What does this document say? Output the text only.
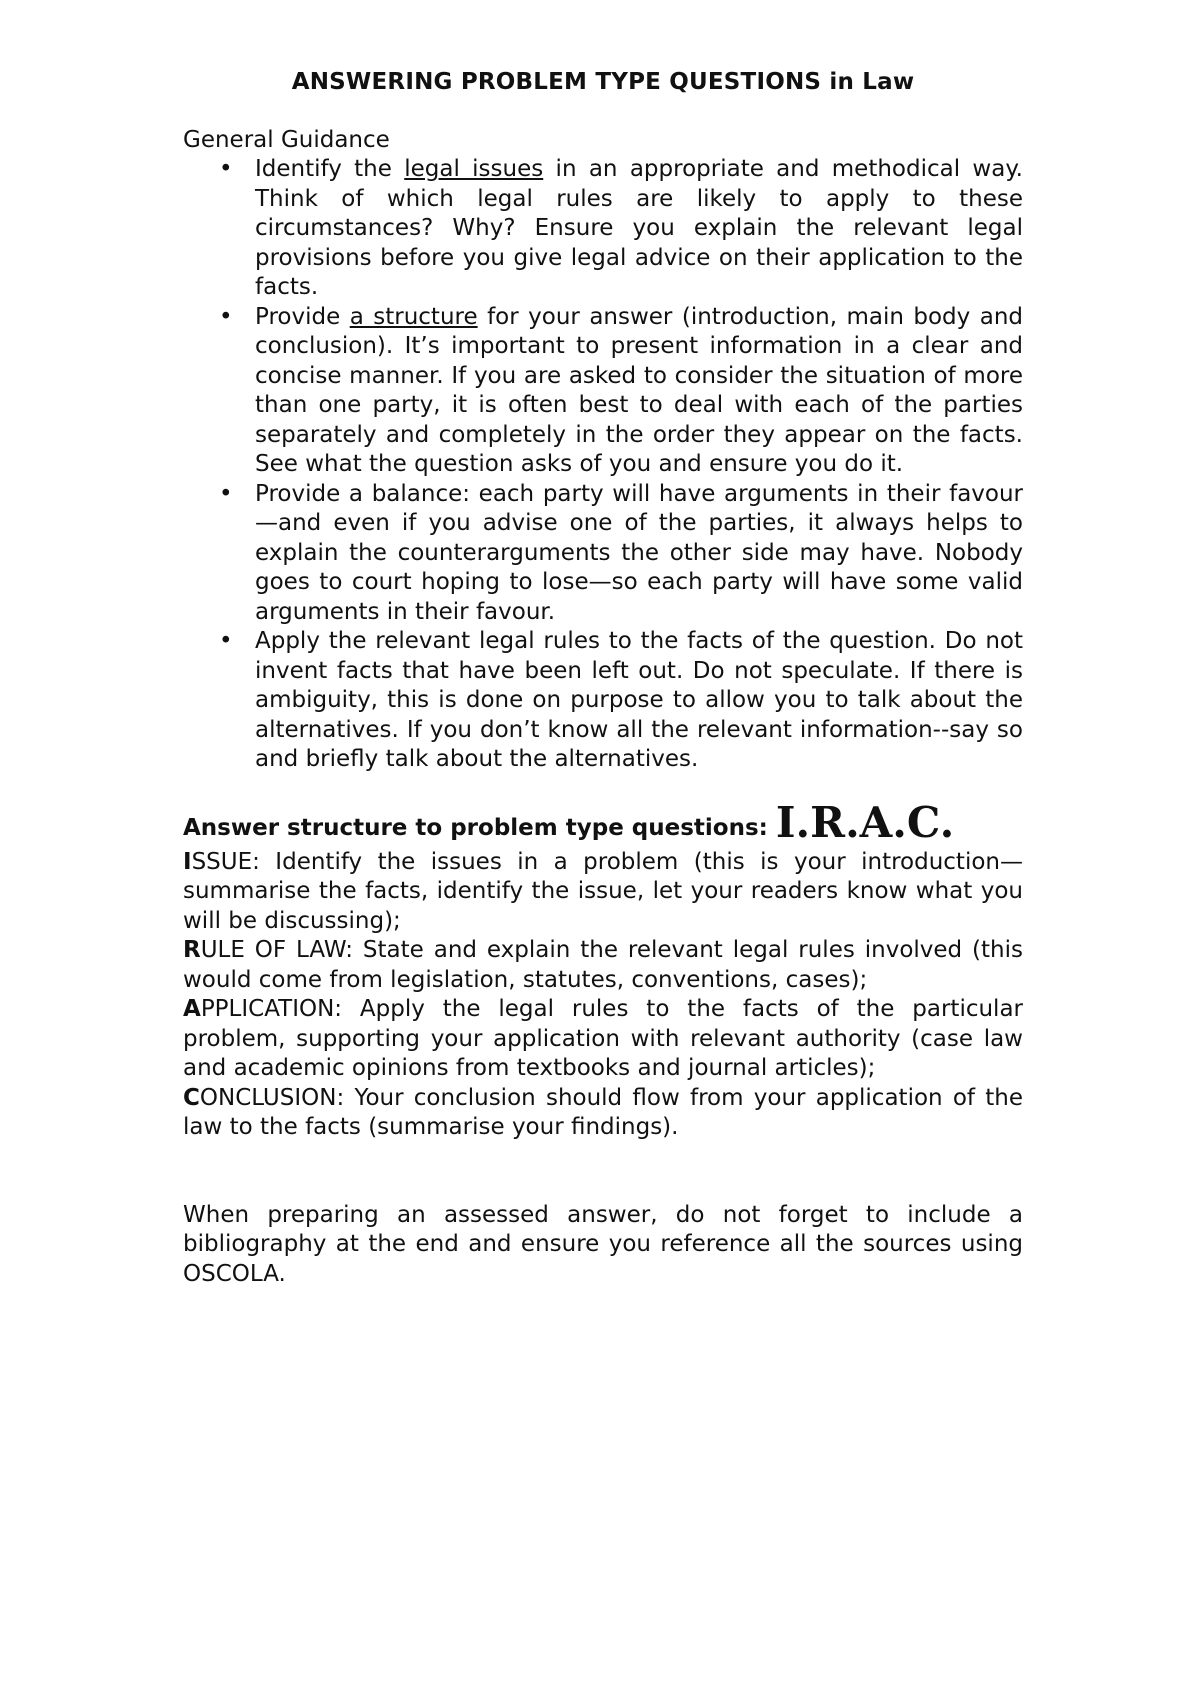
ANSWERING PROBLEM TYPE QUESTIONS in Law
General Guidance
• Identify the legal issues in an appropriate and methodical way. Think of which legal rules are likely to apply to these circumstances? Why? Ensure you explain the relevant legal provisions before you give legal advice on their application to the facts.
• Provide a structure for your answer (introduction, main body and conclusion). It’s important to present information in a clear and concise manner. If you are asked to consider the situation of more than one party, it is often best to deal with each of the parties separately and completely in the order they appear on the facts. See what the question asks of you and ensure you do it.
• Provide a balance: each party will have arguments in their favour—and even if you advise one of the parties, it always helps to explain the counterarguments the other side may have. Nobody goes to court hoping to lose—so each party will have some valid arguments in their favour.
• Apply the relevant legal rules to the facts of the question. Do not invent facts that have been left out. Do not speculate. If there is ambiguity, this is done on purpose to allow you to talk about the alternatives. If you don’t know all the relevant information--say so and briefly talk about the alternatives.
Answer structure to problem type questions: I.R.A.C.

ISSUE: Identify the issues in a problem (this is your introduction—summarise the facts, identify the issue, let your readers know what you will be discussing);

RULE OF LAW: State and explain the relevant legal rules involved (this would come from legislation, statutes, conventions, cases);

APPLICATION: Apply the legal rules to the facts of the particular problem, supporting your application with relevant authority (case law and academic opinions from textbooks and journal articles);

CONCLUSION: Your conclusion should flow from your application of the law to the facts (summarise your findings).

When preparing an assessed answer, do not forget to include a bibliography at the end and ensure you reference all the sources using OSCOLA.
